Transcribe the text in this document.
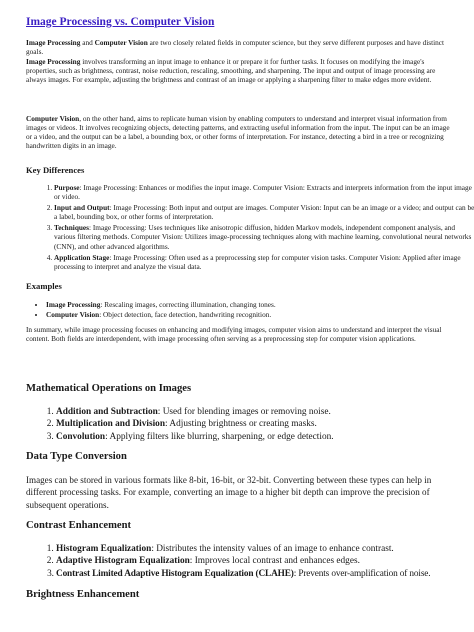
Image Processing vs. Computer Vision

Image Processing and Computer Vision are two closely related fields in computer science, but they serve different purposes and have distinct goals.

Image Processing involves transforming an input image to enhance it or prepare it for further tasks. It focuses on modifying the image's properties, such as brightness, contrast, noise reduction, rescaling, smoothing, and sharpening. The input and output of image processing are always images. For example, adjusting the brightness and contrast of an image or applying a sharpening filter to make edges more evident.

Computer Vision, on the other hand, aims to replicate human vision by enabling computers to understand and interpret visual information from images or videos. It involves recognizing objects, detecting patterns, and extracting useful information from the input. The input can be an image or a video, and the output can be a label, a bounding box, or other forms of interpretation. For instance, detecting a bird in a tree or recognizing handwritten digits in an image.

Key Differences
1. Purpose: Image Processing: Enhances or modifies the input image. Computer Vision: Extracts and interprets information from the input image or video.
2. Input and Output: Image Processing: Both input and output are images. Computer Vision: Input can be an image or a video; and output can be a label, bounding box, or other forms of interpretation.
3. Techniques: Image Processing: Uses techniques like anisotropic diffusion, hidden Markov models, independent component analysis, and various filtering methods. Computer Vision: Utilizes image-processing techniques along with machine learning, convolutional neural networks (CNN), and other advanced algorithms.
4. Application Stage: Image Processing: Often used as a preprocessing step for computer vision tasks. Computer Vision: Applied after image processing to interpret and analyze the visual data.
Examples
• Image Processing: Rescaling images, correcting illumination, changing tones.
• Computer Vision: Object detection, face detection, handwriting recognition.

In summary, while image processing focuses on enhancing and modifying images, computer vision aims to understand and interpret the visual content. Both fields are interdependent, with image processing often serving as a preprocessing step for computer vision applications.

Mathematical Operations on Images
1. Addition and Subtraction: Used for blending images or removing noise.
2. Multiplication and Division: Adjusting brightness or creating masks.
3. Convolution: Applying filters like blurring, sharpening, or edge detection.
Data Type Conversion

Images can be stored in various formats like 8-bit, 16-bit, or 32-bit. Converting between these types can help in different processing tasks. For example, converting an image to a higher bit depth can improve the precision of subsequent operations.

Contrast Enhancement
1. Histogram Equalization: Distributes the intensity values of an image to enhance contrast.
2. Adaptive Histogram Equalization: Improves local contrast and enhances edges.
3. Contrast Limited Adaptive Histogram Equalization (CLAHE): Prevents over-amplification of noise.
Brightness Enhancement
